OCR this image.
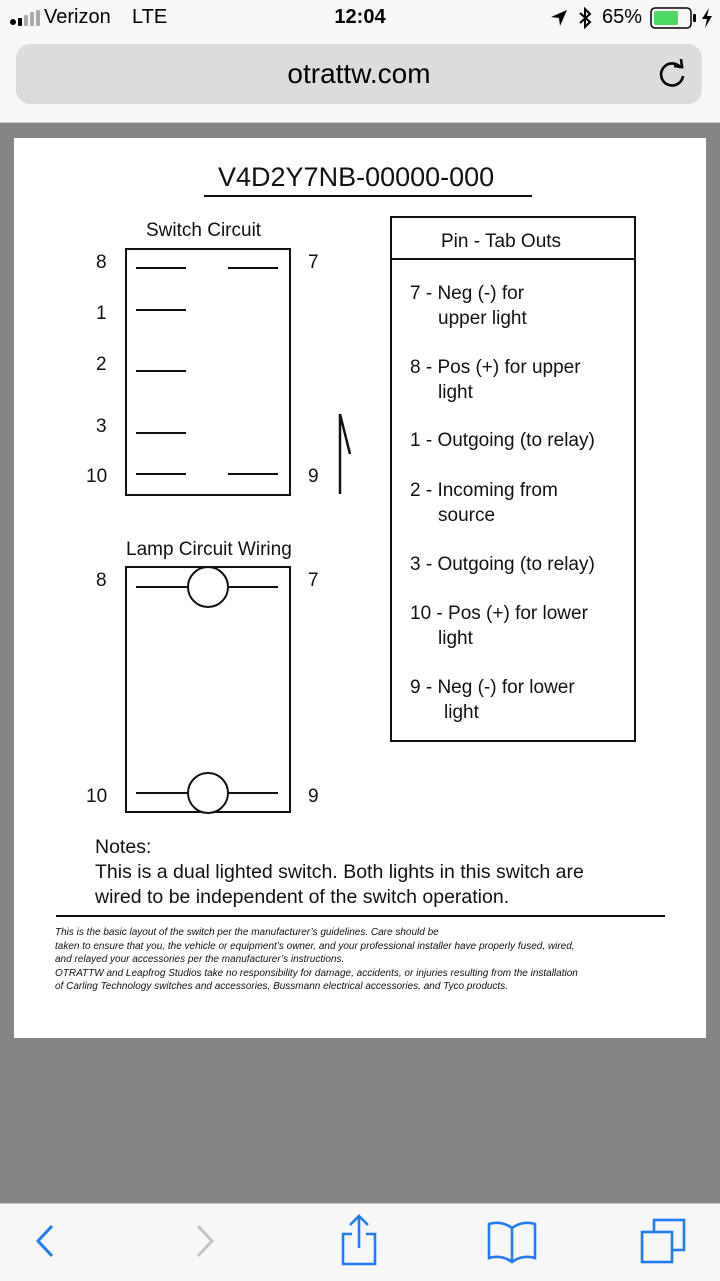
Verizon LTE	12:04	65%
otrattw.com
V4D2Y7NB-00000-000
Switch Circuit
8
1
2
3
10
7
9
Lamp Circuit Wiring
8
10
7
9
Pin - Tab Outs
7 - Neg (-) for
upper light
8 - Pos (+) for upper
light
1 - Outgoing (to relay)
2 - Incoming from
source
3 - Outgoing (to relay)
10 - Pos (+) for lower
light
9 - Neg (-) for lower
light
Notes:
This is a dual lighted switch. Both lights in this switch are
wired to be independent of the switch operation.
This is the basic layout of the switch per the manufacturer’s guidelines. Care should be
taken to ensure that you, the vehicle or equipment’s owner, and your professional installer have properly fused, wired,
and relayed your accessories per the manufacturer’s instructions.
OTRATTW and Leapfrog Studios take no responsibility for damage, accidents, or injuries resulting from the installation
of Carling Technology switches and accessories, Bussmann electrical accessories, and Tyco products.
